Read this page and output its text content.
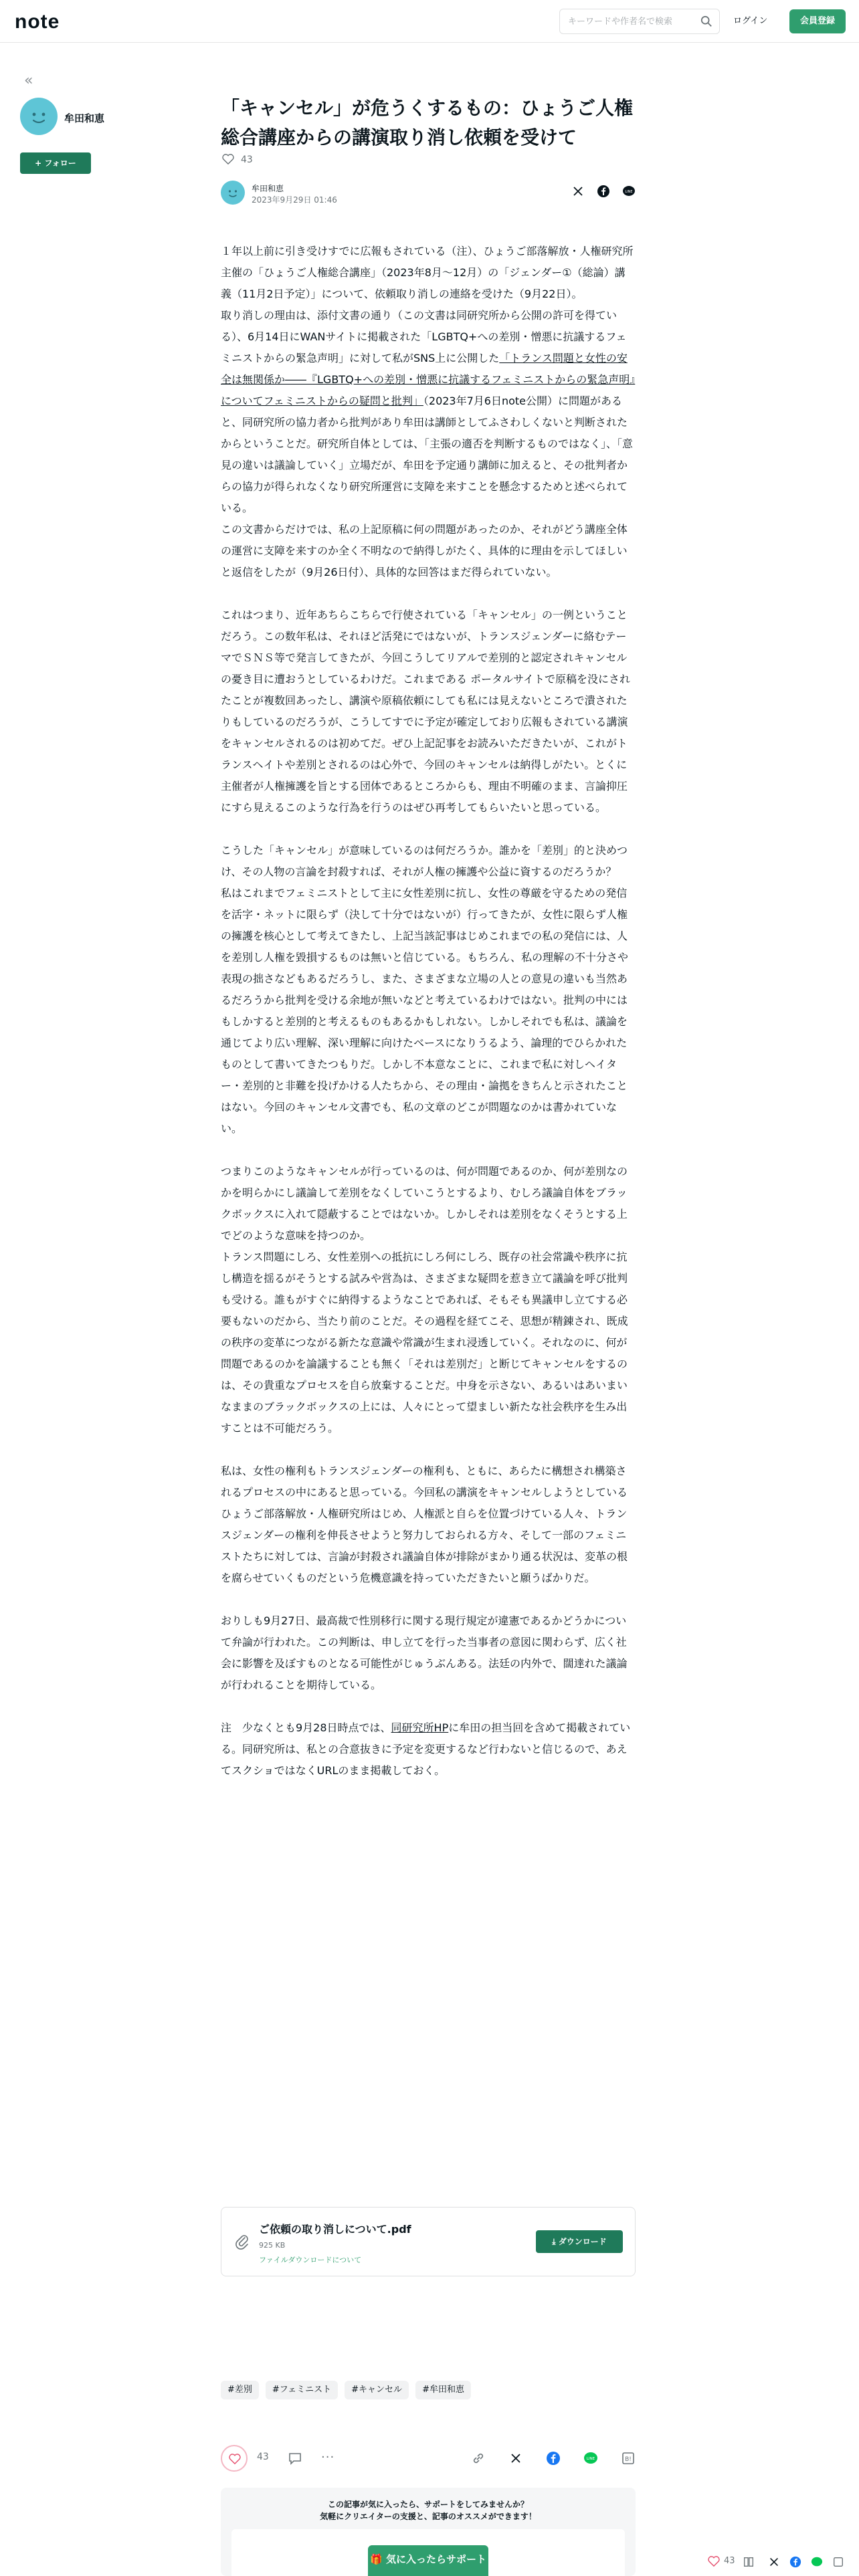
note
キーワードや作者名で検索	ログイン	会員登録
«
牟田和恵
+ フォロー
「キャンセル」が危うくするもの：ひょうご人権総合講座からの講演取り消し依頼を受けて
43
牟田和恵
2023年9月29日 01:46
LINE

１年以上前に引き受けすでに広報もされている（注）、ひょうご部落解放・人権研究所主催の「ひょうご人権総合講座」（2023年8月〜12月）の「ジェンダー①（総論）講義（11月2日予定）」について、依頼取り消しの連絡を受けた（9月22日）。

取り消しの理由は、添付文書の通り（この文書は同研究所から公開の許可を得ている）、6月14日にWANサイトに掲載された「LGBTQ+への差別・憎悪に抗議するフェミニストからの緊急声明」に対して私がSNS上に公開した「トランス問題と女性の安全は無関係か――『LGBTQ+への差別・憎悪に抗議するフェミニストからの緊急声明』についてフェミニストからの疑問と批判」（2023年7月6日note公開）に問題があると、同研究所の協力者から批判があり牟田は講師としてふさわしくないと判断されたからということだ。研究所自体としては、「主張の適否を判断するものではなく」、「意見の違いは議論していく」立場だが、牟田を予定通り講師に加えると、その批判者からの協力が得られなくなり研究所運営に支障を来すことを懸念するためと述べられている。

この文書からだけでは、私の上記原稿に何の問題があったのか、それがどう講座全体の運営に支障を来すのか全く不明なので納得しがたく、具体的に理由を示してほしいと返信をしたが（9月26日付）、具体的な回答はまだ得られていない。

これはつまり、近年あちらこちらで行使されている「キャンセル」の一例ということだろう。この数年私は、それほど活発にではないが、トランスジェンダーに絡むテーマでＳＮＳ等で発言してきたが、今回こうしてリアルで差別的と認定されキャンセルの憂き目に遭おうとしているわけだ。これまである ポータルサイトで原稿を没にされたことが複数回あったし、講演や原稿依頼にしても私には見えないところで潰されたりもしているのだろうが、こうしてすでに予定が確定しており広報もされている講演をキャンセルされるのは初めてだ。ぜひ上記記事をお読みいただきたいが、これがトランスヘイトや差別とされるのは心外で、今回のキャンセルは納得しがたい。とくに主催者が人権擁護を旨とする団体であるところからも、理由不明確のまま、言論抑圧にすら見えるこのような行為を行うのはぜひ再考してもらいたいと思っている。

こうした「キャンセル」が意味しているのは何だろうか。誰かを「差別」的と決めつけ、その人物の言論を封殺すれば、それが人権の擁護や公益に資するのだろうか？

私はこれまでフェミニストとして主に女性差別に抗し、女性の尊厳を守るための発信を活字・ネットに限らず（決して十分ではないが）行ってきたが、女性に限らず人権の擁護を核心として考えてきたし、上記当該記事はじめこれまでの私の発信には、人を差別し人権を毀損するものは無いと信じている。もちろん、私の理解の不十分さや表現の拙さなどもあるだろうし、また、さまざまな立場の人との意見の違いも当然あるだろうから批判を受ける余地が無いなどと考えているわけではない。批判の中にはもしかすると差別的と考えるものもあるかもしれない。しかしそれでも私は、議論を通じてより広い理解、深い理解に向けたベースになりうるよう、論理的でひらかれたものとして書いてきたつもりだ。しかし不本意なことに、これまで私に対しヘイター・差別的と非難を投げかける人たちから、その理由・論拠をきちんと示されたことはない。今回のキャンセル文書でも、私の文章のどこが問題なのかは書かれていない。

つまりこのようなキャンセルが行っているのは、何が問題であるのか、何が差別なのかを明らかにし議論して差別をなくしていこうとするより、むしろ議論自体をブラックボックスに入れて隠蔽することではないか。しかしそれは差別をなくそうとする上でどのような意味を持つのか。

トランス問題にしろ、女性差別への抵抗にしろ何にしろ、既存の社会常識や秩序に抗し構造を揺るがそうとする試みや営為は、さまざまな疑問を惹き立て議論を呼び批判も受ける。誰もがすぐに納得するようなことであれば、そもそも異議申し立てする必要もないのだから、当たり前のことだ。その過程を経てこそ、思想が精錬され、既成の秩序の変革につながる新たな意識や常識が生まれ浸透していく。それなのに、何が問題であるのかを論議することも無く「それは差別だ」と断じてキャンセルをするのは、その貴重なプロセスを自ら放棄することだ。中身を示さない、あるいはあいまいなままのブラックボックスの上には、人々にとって望ましい新たな社会秩序を生み出すことは不可能だろう。

私は、女性の権利もトランスジェンダーの権利も、ともに、あらたに構想され構築されるプロセスの中にあると思っている。今回私の講演をキャンセルしようとしているひょうご部落解放・人権研究所はじめ、人権派と自らを位置づけている人々、トランスジェンダーの権利を伸長させようと努力しておられる方々、そして一部のフェミニストたちに対しては、言論が封殺され議論自体が排除がまかり通る状況は、変革の根を腐らせていくものだという危機意識を持っていただきたいと願うばかりだ。

おりしも9月27日、最高裁で性別移行に関する現行規定が違憲であるかどうかについて弁論が行われた。この判断は、申し立てを行った当事者の意図に関わらず、広く社会に影響を及ぼすものとなる可能性がじゅうぶんある。法廷の内外で、闊達れた議論が行われることを期待している。

注　少なくとも9月28日時点では、同研究所HPに牟田の担当回を含めて掲載されている。同研究所は、私との合意抜きに予定を変更するなど行わないと信じるので、あえてスクショではなくURLのまま掲載しておく。

ご依頼の取り消しについて.pdf
925 KB
ファイルダウンロードについて
⤓ ダウンロード
#差別	#フェミニスト	#キャンセル	#牟田和恵
43	···	LINE	B!
この記事が気に入ったら、サポートをしてみませんか？
気軽にクリエイターの支援と、記事のオススメができます！
🎁 気に入ったらサポート	43
